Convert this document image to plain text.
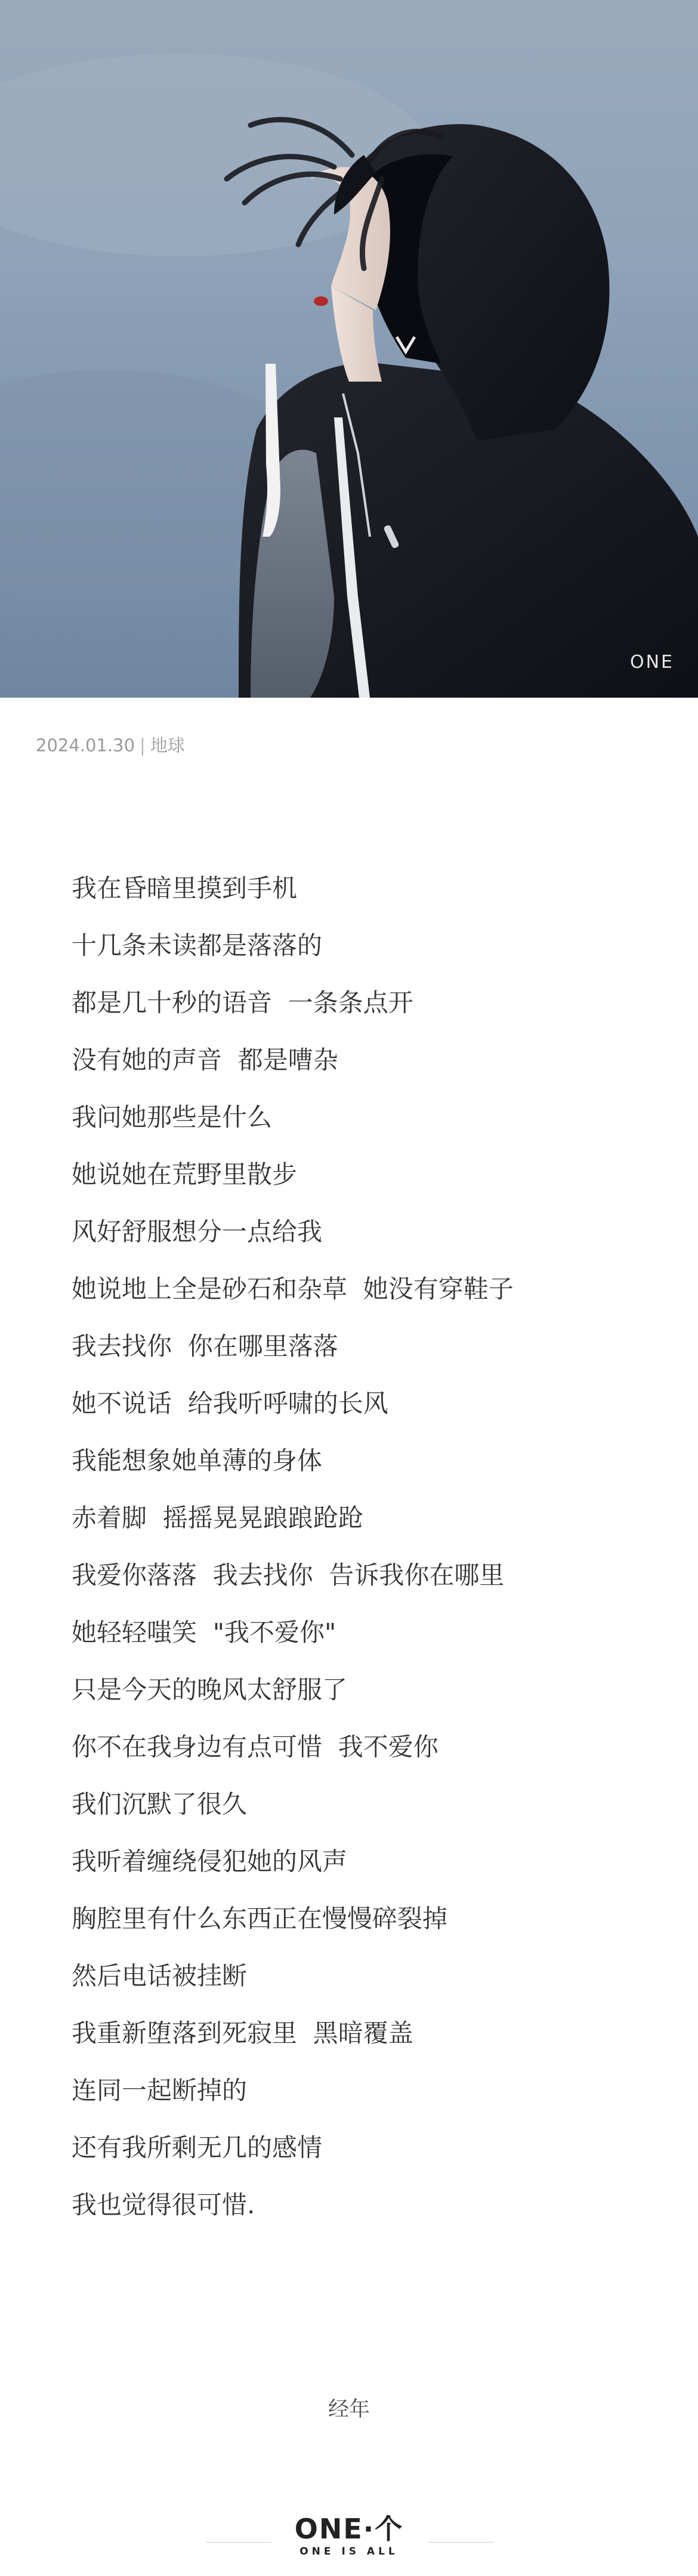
ONE
2024.01.30 | 地球
我在昏暗里摸到手机
十几条未读都是落落的
都是几十秒的语音  一条条点开
没有她的声音  都是嘈杂
我问她那些是什么
她说她在荒野里散步
风好舒服想分一点给我
她说地上全是砂石和杂草  她没有穿鞋子
我去找你  你在哪里落落
她不说话  给我听呼啸的长风
我能想象她单薄的身体
赤着脚  摇摇晃晃踉踉跄跄
我爱你落落  我去找你  告诉我你在哪里
她轻轻嗤笑  "我不爱你"
只是今天的晚风太舒服了
你不在我身边有点可惜  我不爱你
我们沉默了很久
我听着缠绕侵犯她的风声
胸腔里有什么东西正在慢慢碎裂掉
然后电话被挂断
我重新堕落到死寂里  黑暗覆盖
连同一起断掉的
还有我所剩无几的感情
我也觉得很可惜.
经年
ONE·个
ONE IS ALL
